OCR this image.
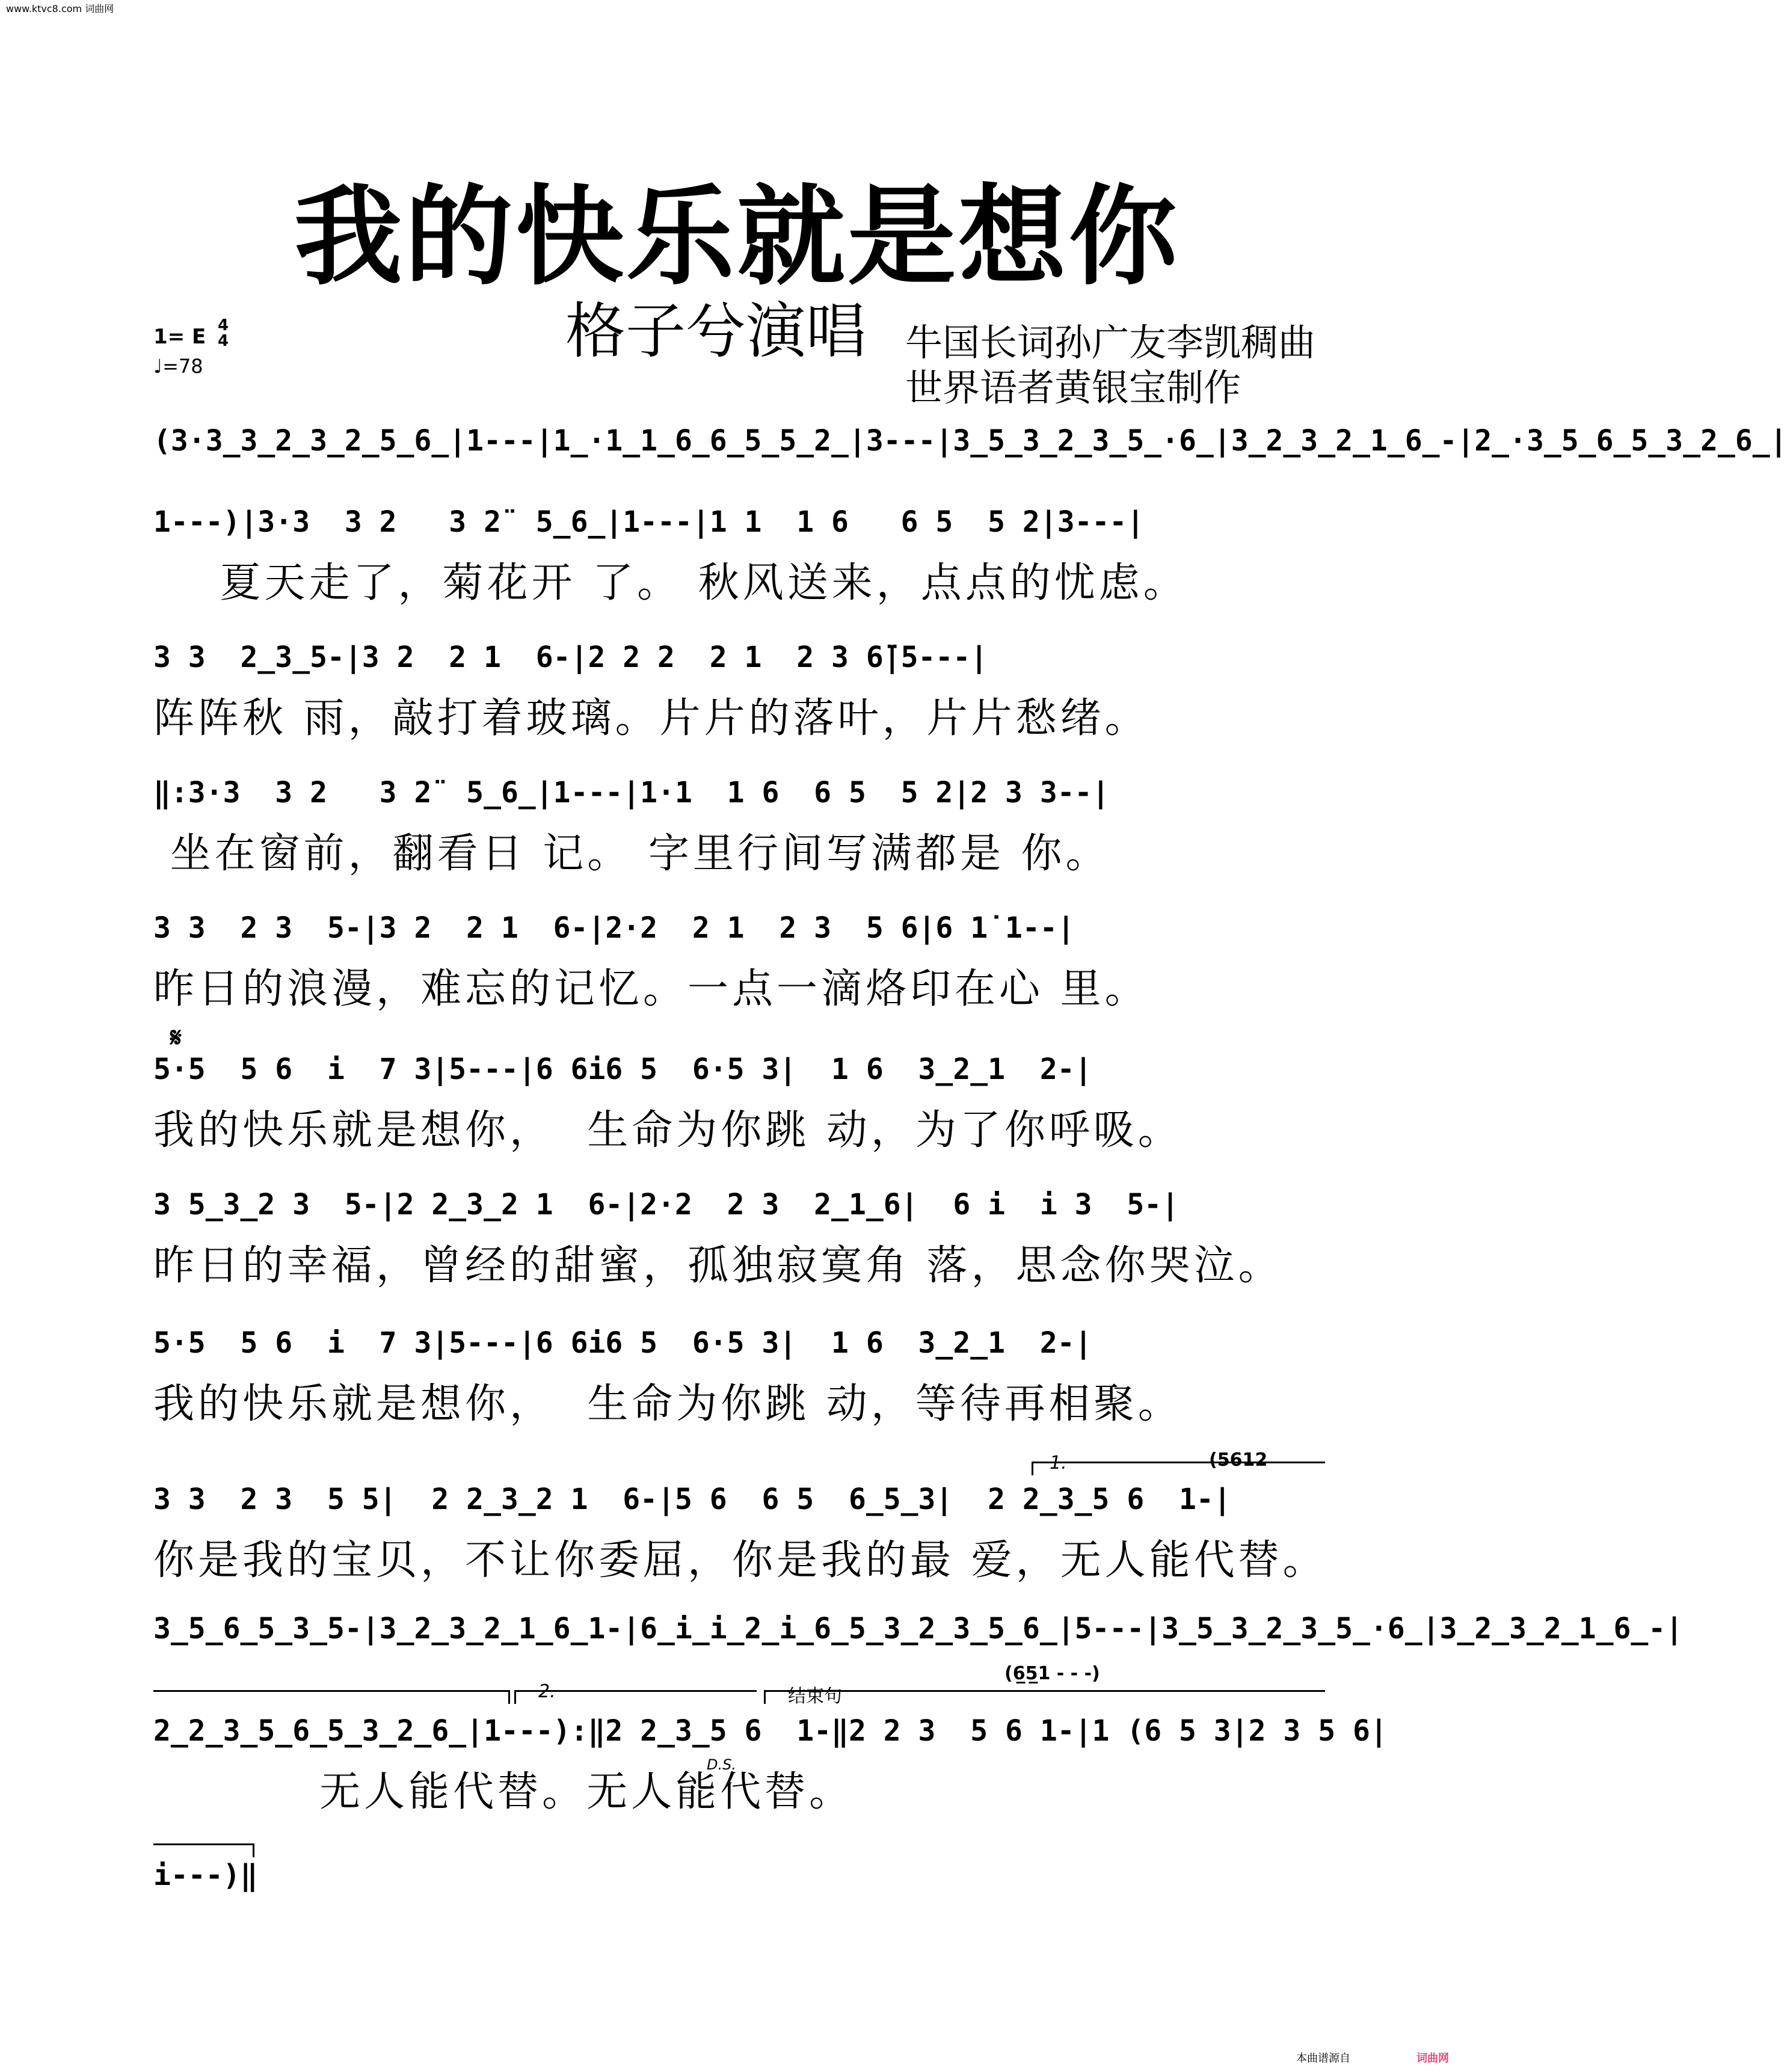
www.ktvc8.com 词曲网
我的快乐就是想你
格子兮演唱 牛国长词孙广友李凯稠曲
世界语者黄银宝制作
1= E 4
4
♩=78
(3·3̲3̲2̲3̲2̲5̲6̲|1---|1̲·1̲1̲6̲6̲5̲5̲2̲|3---|3̲5̲3̲2̲3̲5̲·6̲|3̲2̲3̲2̲1̲6̲-|2̲·3̲5̲6̲5̲3̲2̲6̲|
1---)|3·3  3 2   3 2̈  5̲6̲|1---|1 1  1 6   6 5  5 2|3---|
夏天走了，菊花开 了。 秋风送来，点点的忧虑。
3 3  2̲3̲5-|3 2  2 1  6-|2 2 2  2 1  2 3 6̈|5---|
阵阵秋 雨，敲打着玻璃。片片的落叶，片片愁绪。
‖:3·3  3 2   3 2̈  5̲6̲|1---|1·1  1 6  6 5  5 2|2 3 3--|
坐在窗前，翻看日 记。 字里行间写满都是 你。
3 3  2 3  5-|3 2  2 1  6-|2·2  2 1  2 3  5 6|6 1̇ 1--|
昨日的浪漫，难忘的记忆。一点一滴烙印在心 里。
𝄋
5·5  5 6  i  7 3|5---|6 6i6 5  6·5 3|  1 6  3̲2̲1  2-|
我的快乐就是想你，  生命为你跳 动，为了你呼吸。
3 5̲3̲2 3  5-|2 2̲3̲2 1  6-|2·2  2 3  2̲1̲6|  6 i  i 3  5-|
昨日的幸福，曾经的甜蜜，孤独寂寞角 落，思念你哭泣。
5·5  5 6  i  7 3|5---|6 6i6 5  6·5 3|  1 6  3̲2̲1  2-|
我的快乐就是想你，  生命为你跳 动，等待再相聚。
1.	(5612
3 3  2 3  5 5|  2 2̲3̲2 1  6-|5 6  6 5  6̲5̲3|  2 2̲3̲5 6  1-|
你是我的宝贝，不让你委屈，你是我的最 爱，无人能代替。
3̲5̲6̲5̲3̲5-|3̲2̲3̲2̲1̲6̲1-|6̲i̲i̲2̲i̲6̲5̲3̲2̲3̲5̲6̲|5---|3̲5̲3̲2̲3̲5̲·6̲|3̲2̲3̲2̲1̲6̲-|
2.	结束句
(6̲5̲1 - - -)
2̲2̲3̲5̲6̲5̲3̲2̲6̲|1---):‖2 2̲3̲5 6  1-‖2 2 3  5 6 1-|1 (6 5 3|2 3 5 6|
D.S.
无人能代替。无人能代替。
i---)‖
本曲谱源自	词曲网
